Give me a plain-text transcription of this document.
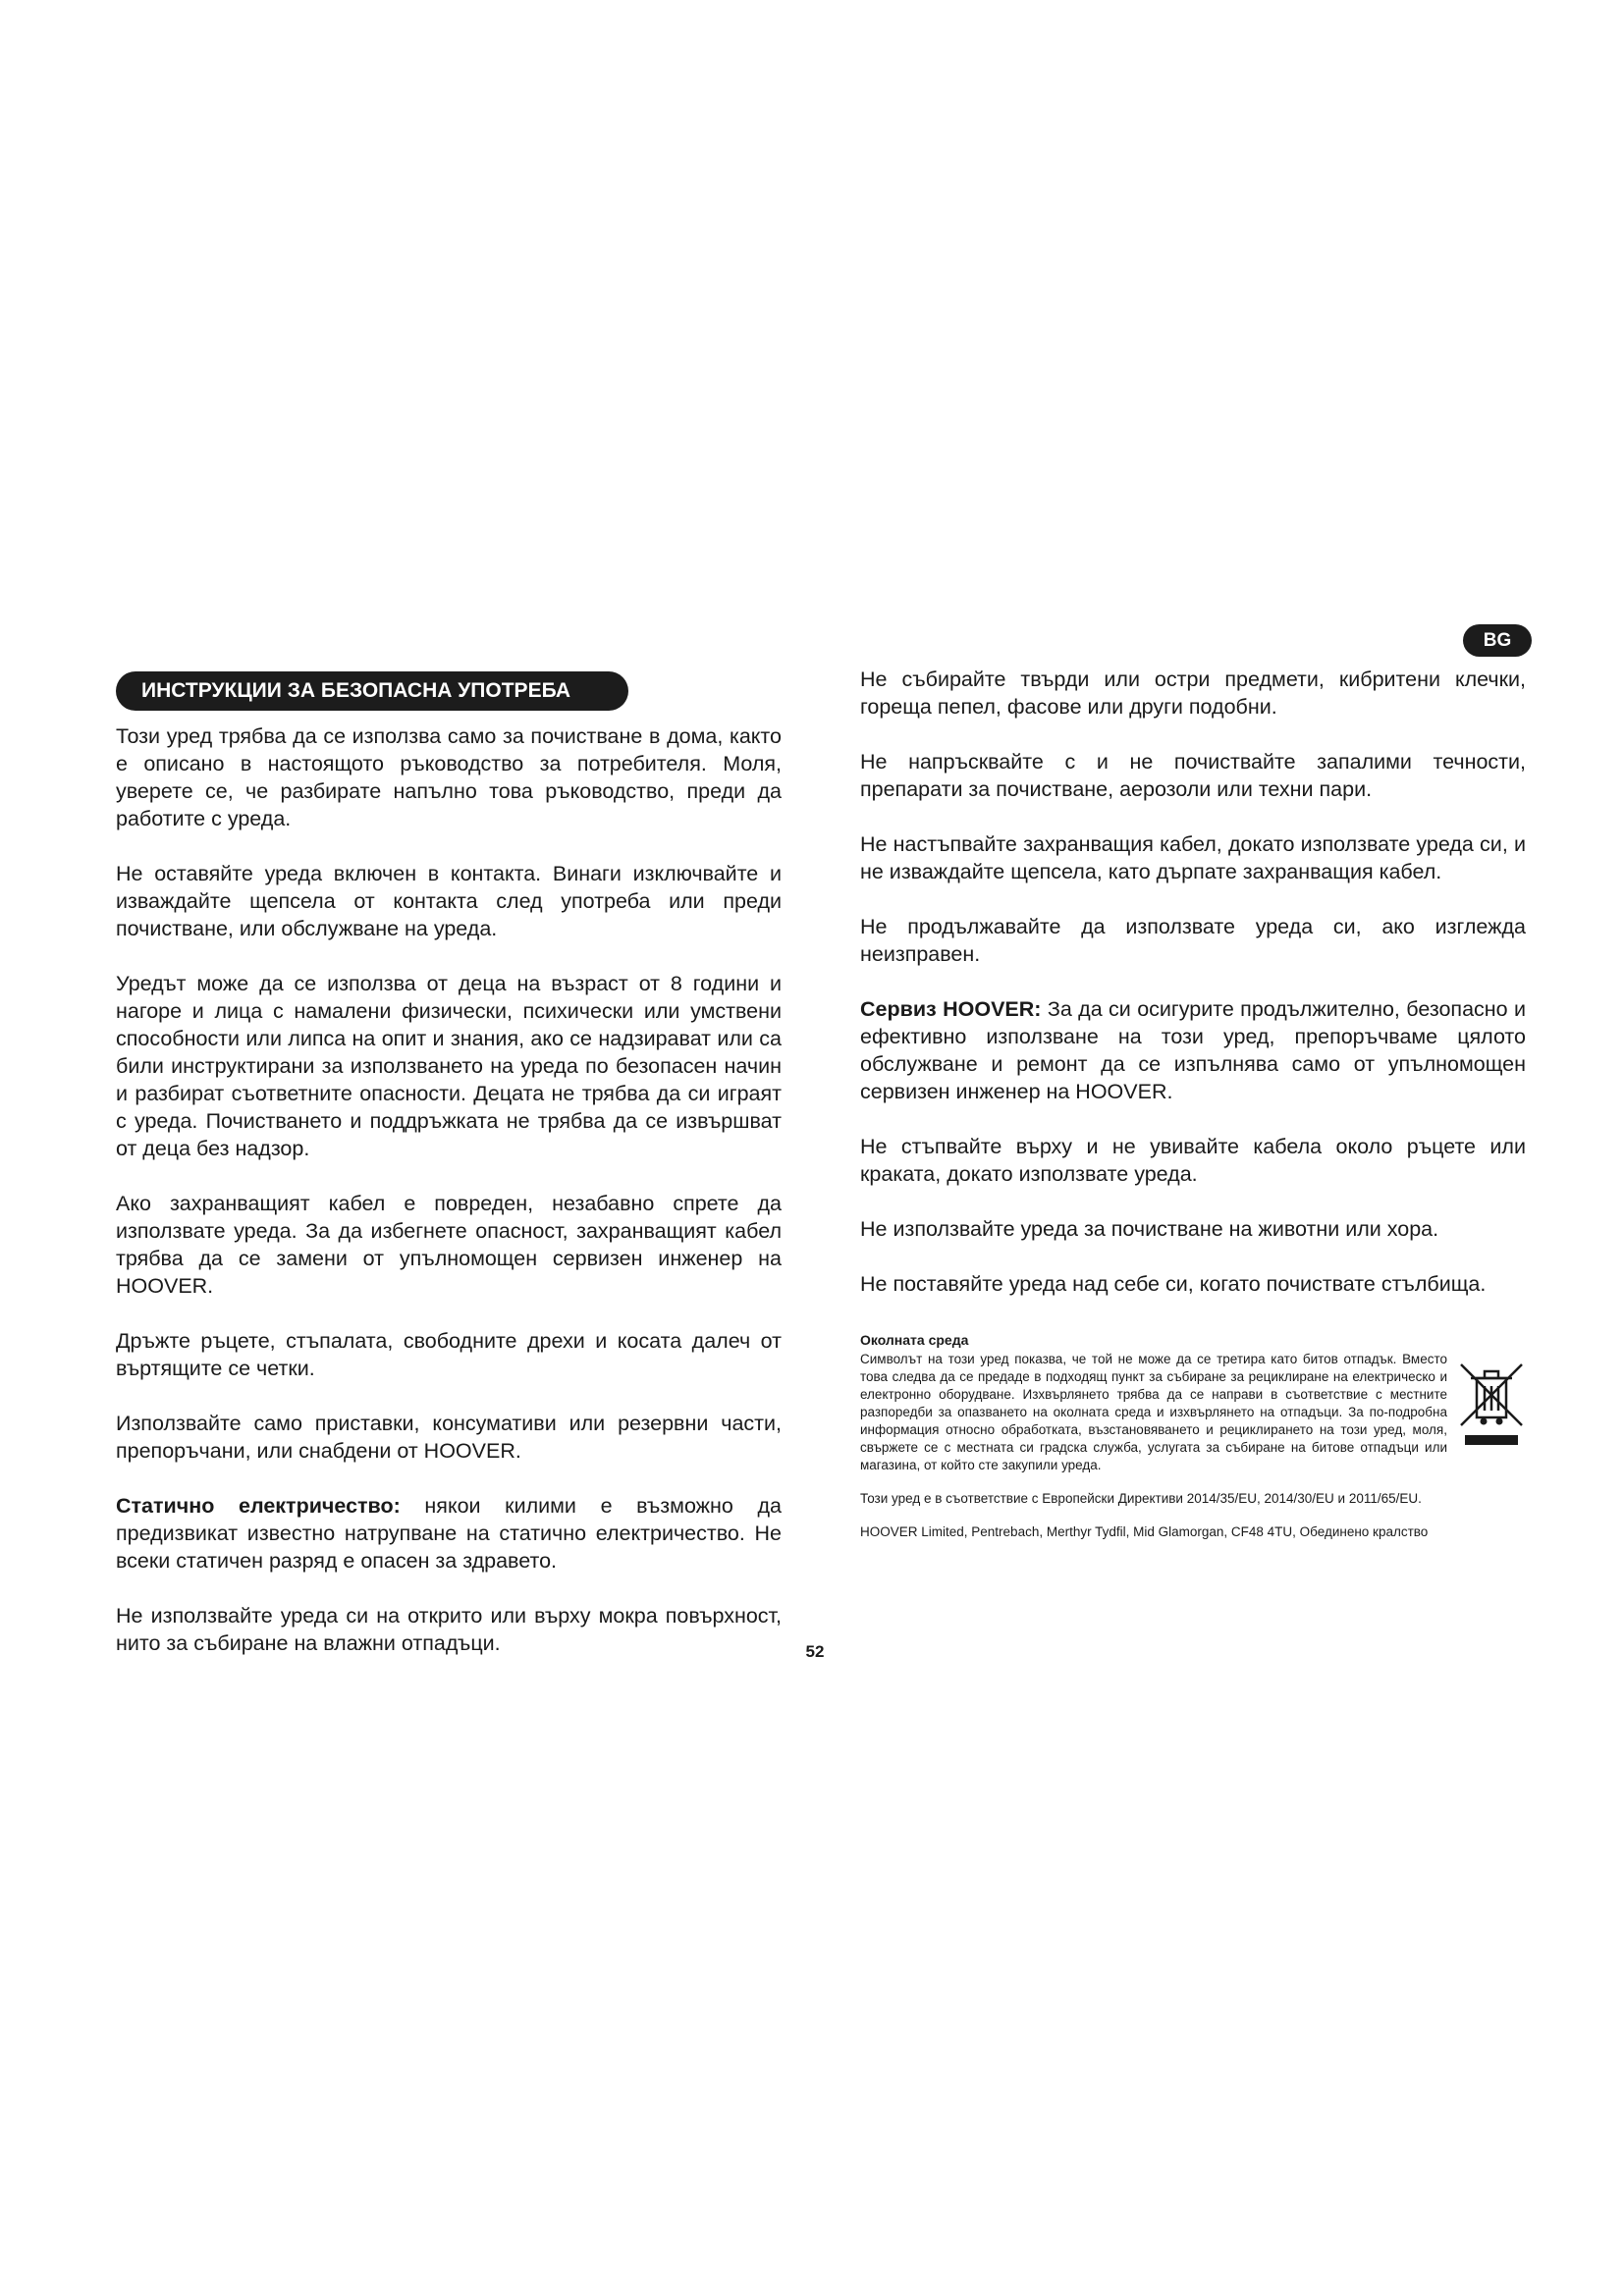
BG
ИНСТРУКЦИИ ЗА БЕЗОПАСНА УПОТРЕБА

Този уред трябва да се използва само за почистване в дома, както е описано в настоящото ръководство за потребителя. Моля, уверете се, че разбирате напълно това ръководство, преди да работите с уреда.

Не оставяйте уреда включен в контакта. Винаги изключвайте и изваждайте щепсела от контакта след употреба или преди почистване, или обслужване на уреда.

Уредът може да се използва от деца на възраст от 8 години и нагоре и лица с намалени физически, психически или умствени способности или липса на опит и знания, ако се надзирават или са били инструктирани за използването на уреда по безопасен начин и разбират съответните опасности. Децата не трябва да си играят с уреда. Почистването и поддръжката не трябва да се извършват от деца без надзор.

Ако захранващият кабел е повреден, незабавно спрете да използвате уреда. За да избегнете опасност, захранващият кабел трябва да се замени от упълномощен сервизен инженер на HOOVER.

Дръжте ръцете, стъпалата, свободните дрехи и косата далеч от въртящите се четки.

Използвайте само приставки, консумативи или резервни части, препоръчани, или снабдени от HOOVER.

Статично електричество: някои килими е възможно да предизвикат известно натрупване на статично електричество. Не всеки статичен разряд е опасен за здравето.

Не използвайте уреда си на открито или върху мокра повърхност, нито за събиране на влажни отпадъци.

Не събирайте твърди или остри предмети, кибритени клечки, гореща пепел, фасове или други подобни.

Не напръсквайте с и не почиствайте запалими течности, препарати за почистване, аерозоли или техни пари.

Не настъпвайте захранващия кабел, докато използвате уреда си, и не изваждайте щепсела, като дърпате захранващия кабел.

Не продължавайте да използвате уреда си, ако изглежда неизправен.

Сервиз HOOVER: За да си осигурите продължително, безопасно и ефективно използване на този уред, препоръчваме цялото обслужване и ремонт да се изпълнява само от упълномощен сервизен инженер на HOOVER.

Не стъпвайте върху и не увивайте кабела около ръцете или краката, докато използвате уреда.

Не използвайте уреда за почистване на животни или хора.

Не поставяйте уреда над себе си, когато почиствате стълбища.

Околната среда

Символът на този уред показва, че той не може да се третира като битов отпадък. Вместо това следва да се предаде в подходящ пункт за събиране за рециклиране на електрическо и електронно оборудване. Изхвърлянето трябва да се направи в съответствие с местните разпоредби за опазването на околната среда и изхвърлянето на отпадъци. За по-подробна информация относно обработката, възстановяването и рециклирането на този уред, моля, свържете се с местната си градска служба, услугата за събиране на битове отпадъци или магазина, от който сте закупили уреда.

Този уред е в съответствие с Европейски Директиви 2014/35/EU, 2014/30/EU и 2011/65/EU.

HOOVER Limited, Pentrebach, Merthyr Tydfil, Mid Glamorgan, CF48 4TU, Обединено кралство

52
